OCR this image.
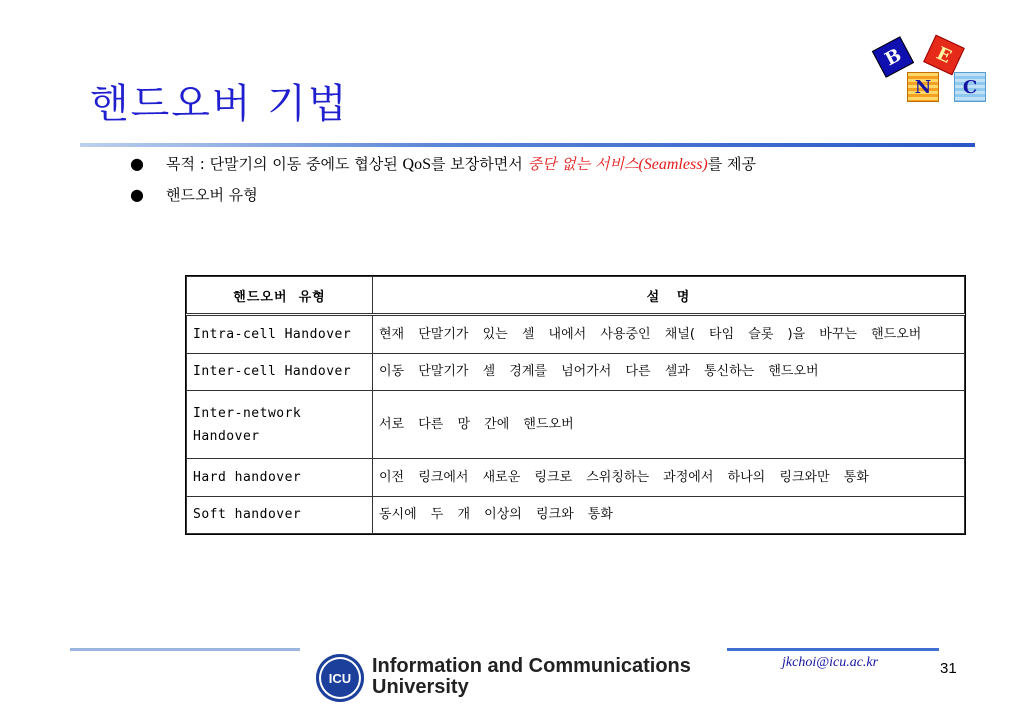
핸드오버 기법
B	E
N	C
● 목적 : 단말기의 이동 중에도 협상된 QoS를 보장하면서 중단 없는 서비스(Seamless)를 제공
● 핸드오버 유형
핸드오버  유형	설   명
Intra-cell Handover	현재 단말기가 있는 셀 내에서 사용중인 채널( 타임 슬롯 )을 바꾸는 핸드오버
Inter-cell Handover	이동 단말기가 셀 경계를 넘어가서 다른 셀과 통신하는 핸드오버
Inter-network Handover	서로 다른 망 간에 핸드오버
Hard handover	이전 링크에서 새로운 링크로 스위칭하는 과정에서 하나의 링크와만 통화
Soft handover	동시에 두 개 이상의 링크와 통화
ICU
Information and Communications
University
jkchoi@icu.ac.kr	31
